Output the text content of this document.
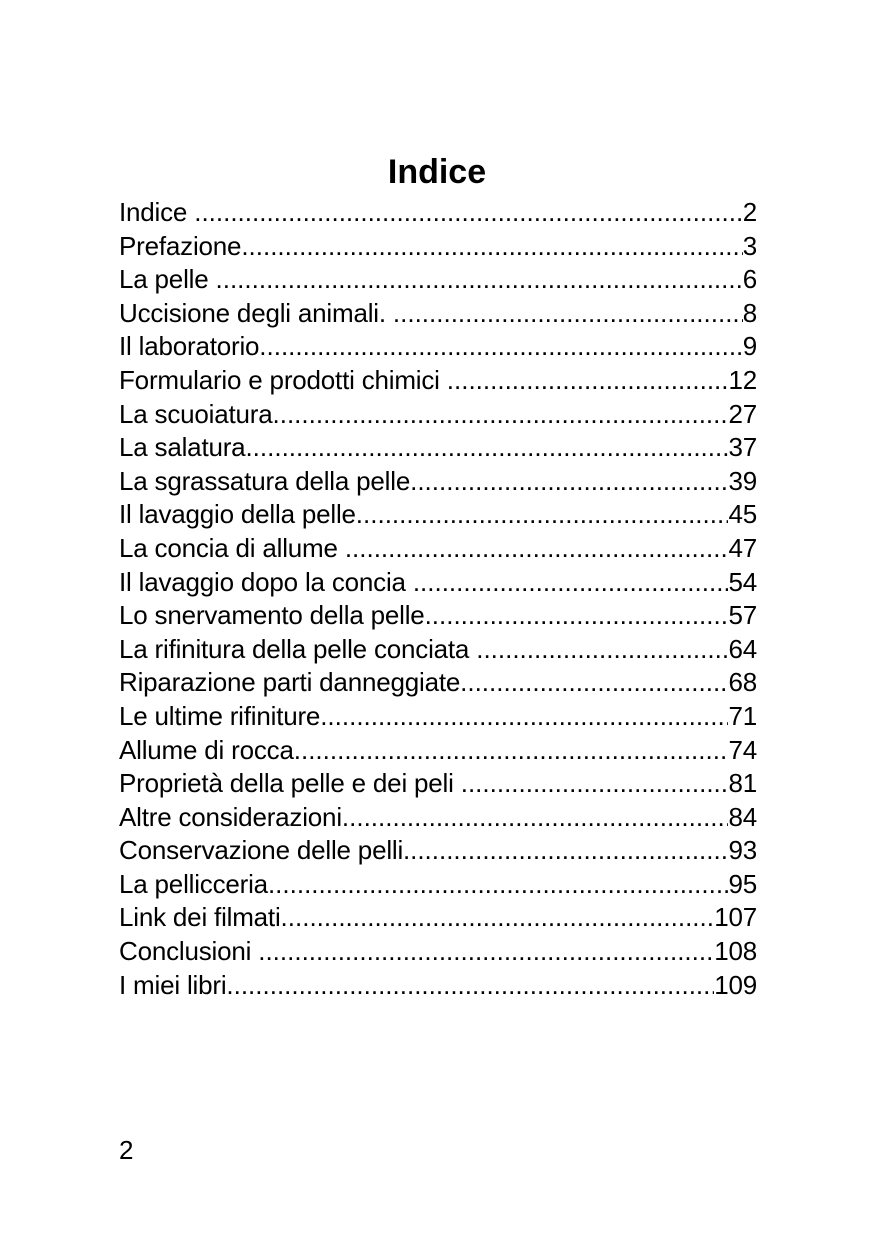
Indice
Indice .....	2
Prefazione .....	3
La pelle .....	6
Uccisione degli animali. .....	8
Il laboratorio .....	9
Formulario e prodotti chimici .....	12
La scuoiatura .....	27
La salatura .....	37
La sgrassatura della pelle .....	39
Il lavaggio della pelle .....	45
La concia di allume .....	47
Il lavaggio dopo la concia .....	54
Lo snervamento della pelle .....	57
La rifinitura della pelle conciata .....	64
Riparazione parti danneggiate .....	68
Le ultime rifiniture .....	71
Allume di rocca .....	74
Proprietà della pelle e dei peli .....	81
Altre considerazioni .....	84
Conservazione delle pelli. .....	93
La pellicceria .....	95
Link dei filmati .....	107
Conclusioni .....	108
I miei libri .....	109
2
